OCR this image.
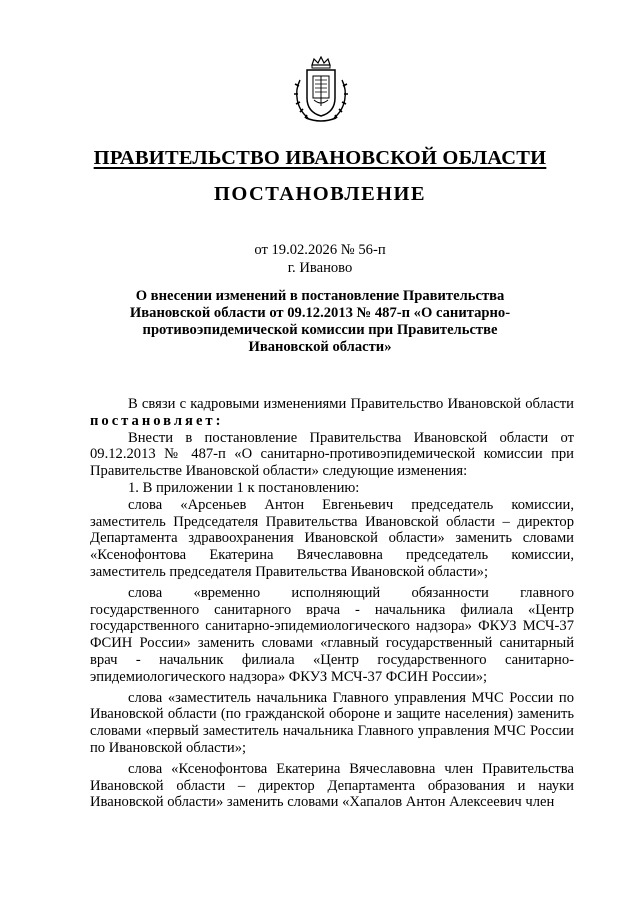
ПРАВИТЕЛЬСТВО ИВАНОВСКОЙ ОБЛАСТИ
ПОСТАНОВЛЕНИЕ
от 19.02.2026 № 56-п
г. Иваново
О внесении изменений в постановление Правительства
Ивановской области от 09.12.2013 № 487-п «О санитарно-
противоэпидемической комиссии при Правительстве
Ивановской области»

В связи с кадровыми изменениями Правительство Ивановской области постановляет:

Внести в постановление Правительства Ивановской области от 09.12.2013 № 487-п «О санитарно-противоэпидемической комиссии при Правительстве Ивановской области» следующие изменения:

1. В приложении 1 к постановлению:

слова «Арсеньев Антон Евгеньевич председатель комиссии, заместитель Председателя Правительства Ивановской области – директор Департамента здравоохранения Ивановской области» заменить словами «Ксенофонтова Екатерина Вячеславовна председатель комиссии, заместитель председателя Правительства Ивановской области»;

слова «временно исполняющий обязанности главного государственного санитарного врача - начальника филиала «Центр государственного санитарно-эпидемиологического надзора» ФКУЗ МСЧ-37 ФСИН России» заменить словами «главный государственный санитарный врач - начальник филиала «Центр государственного санитарно-эпидемиологического надзора» ФКУЗ МСЧ-37 ФСИН России»;

слова «заместитель начальника Главного управления МЧС России по Ивановской области (по гражданской обороне и защите населения) заменить словами «первый заместитель начальника Главного управления МЧС России по Ивановской области»;

слова «Ксенофонтова Екатерина Вячеславовна член Правительства Ивановской области – директор Департамента образования и науки Ивановской области» заменить словами «Хапалов Антон Алексеевич член
